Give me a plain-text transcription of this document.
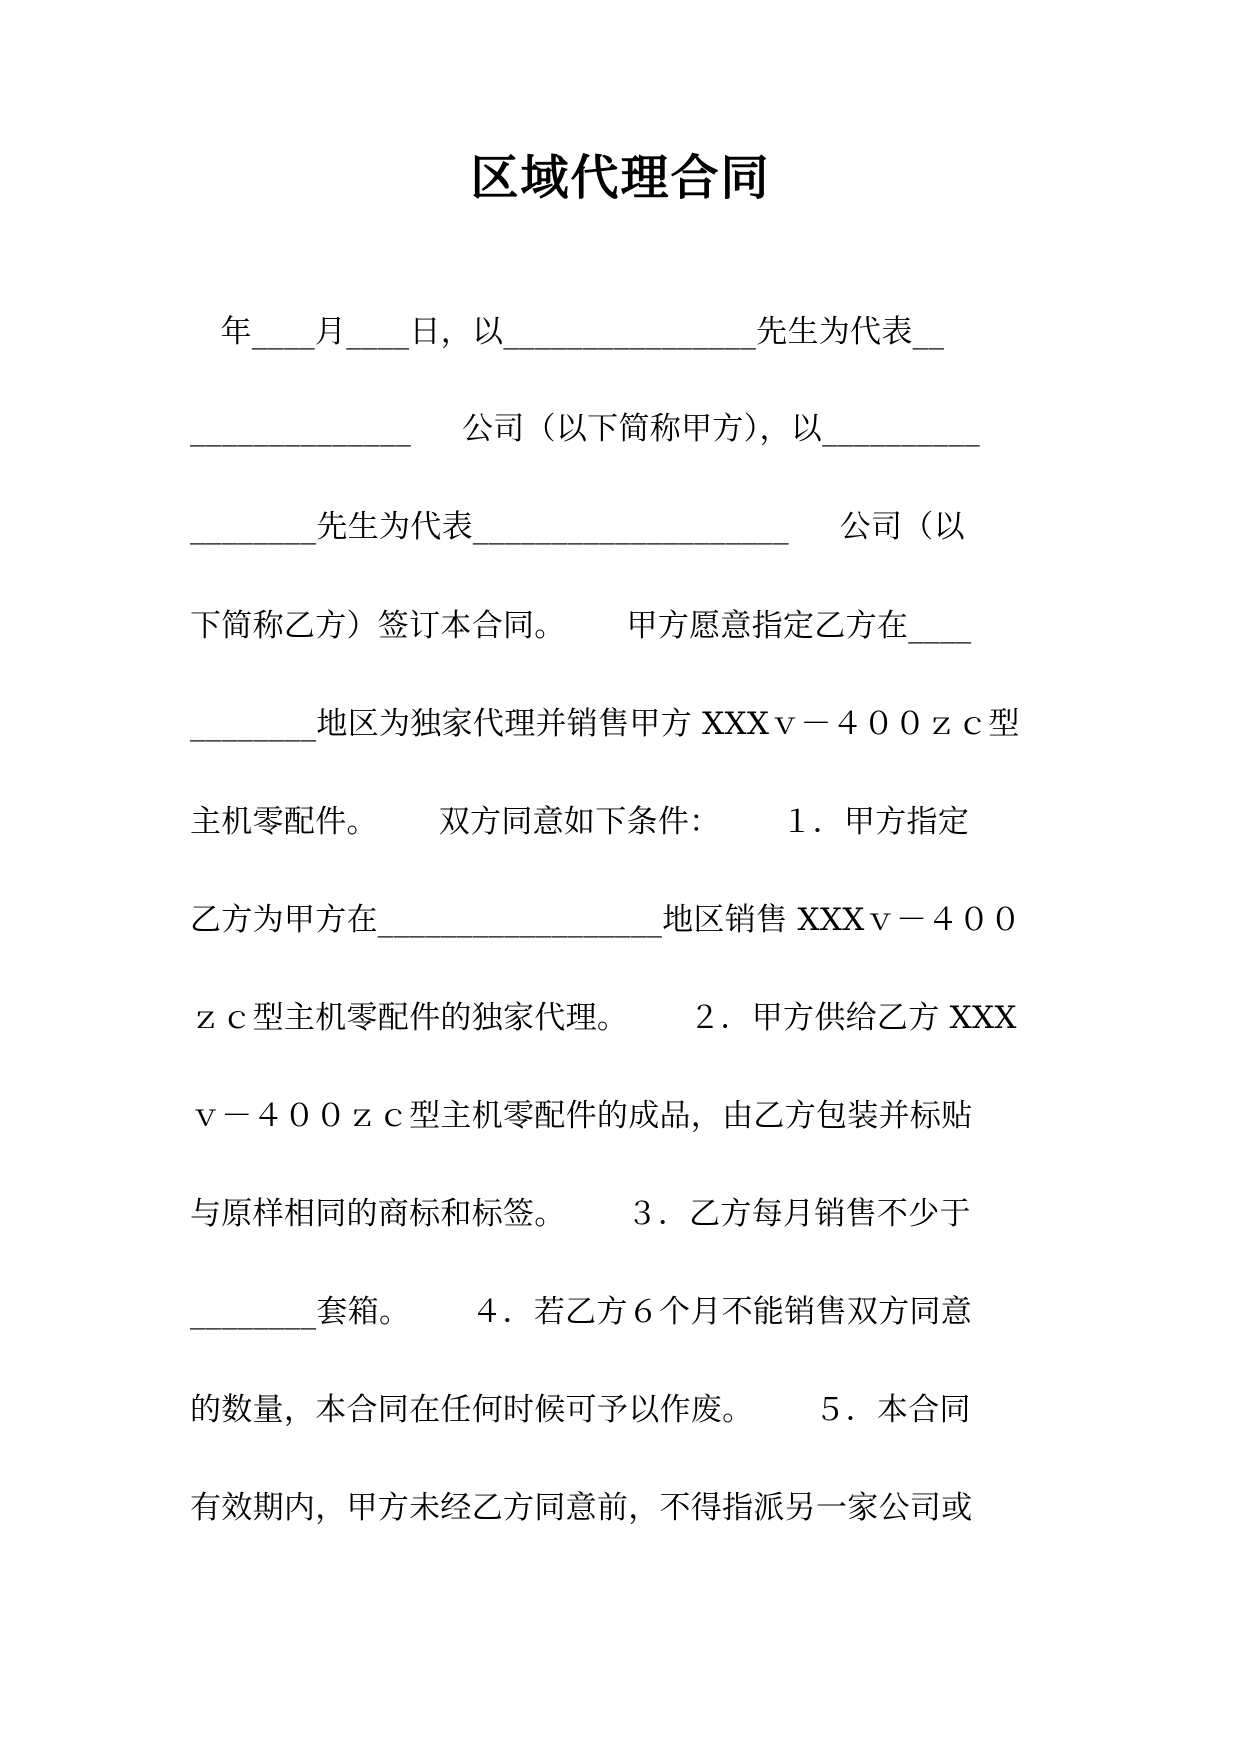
区域代理合同
年____月____日，以________________先生为代表__
______________     公司（以下简称甲方），以__________
________先生为代表____________________     公司（以
下简称乙方）签订本合同。      甲方愿意指定乙方在____
________地区为独家代理并销售甲方 XXXｖ－４００ｚｃ型
主机零配件。      双方同意如下条件：      １．甲方指定
乙方为甲方在__________________地区销售 XXXｖ－４００
ｚｃ型主机零配件的独家代理。      ２．甲方供给乙方 XXX
ｖ－４００ｚｃ型主机零配件的成品，由乙方包装并标贴
与原样相同的商标和标签。      ３．乙方每月销售不少于
________套箱。      ４．若乙方６个月不能销售双方同意
的数量，本合同在任何时候可予以作废。      ５．本合同
有效期内，甲方未经乙方同意前，不得指派另一家公司或
